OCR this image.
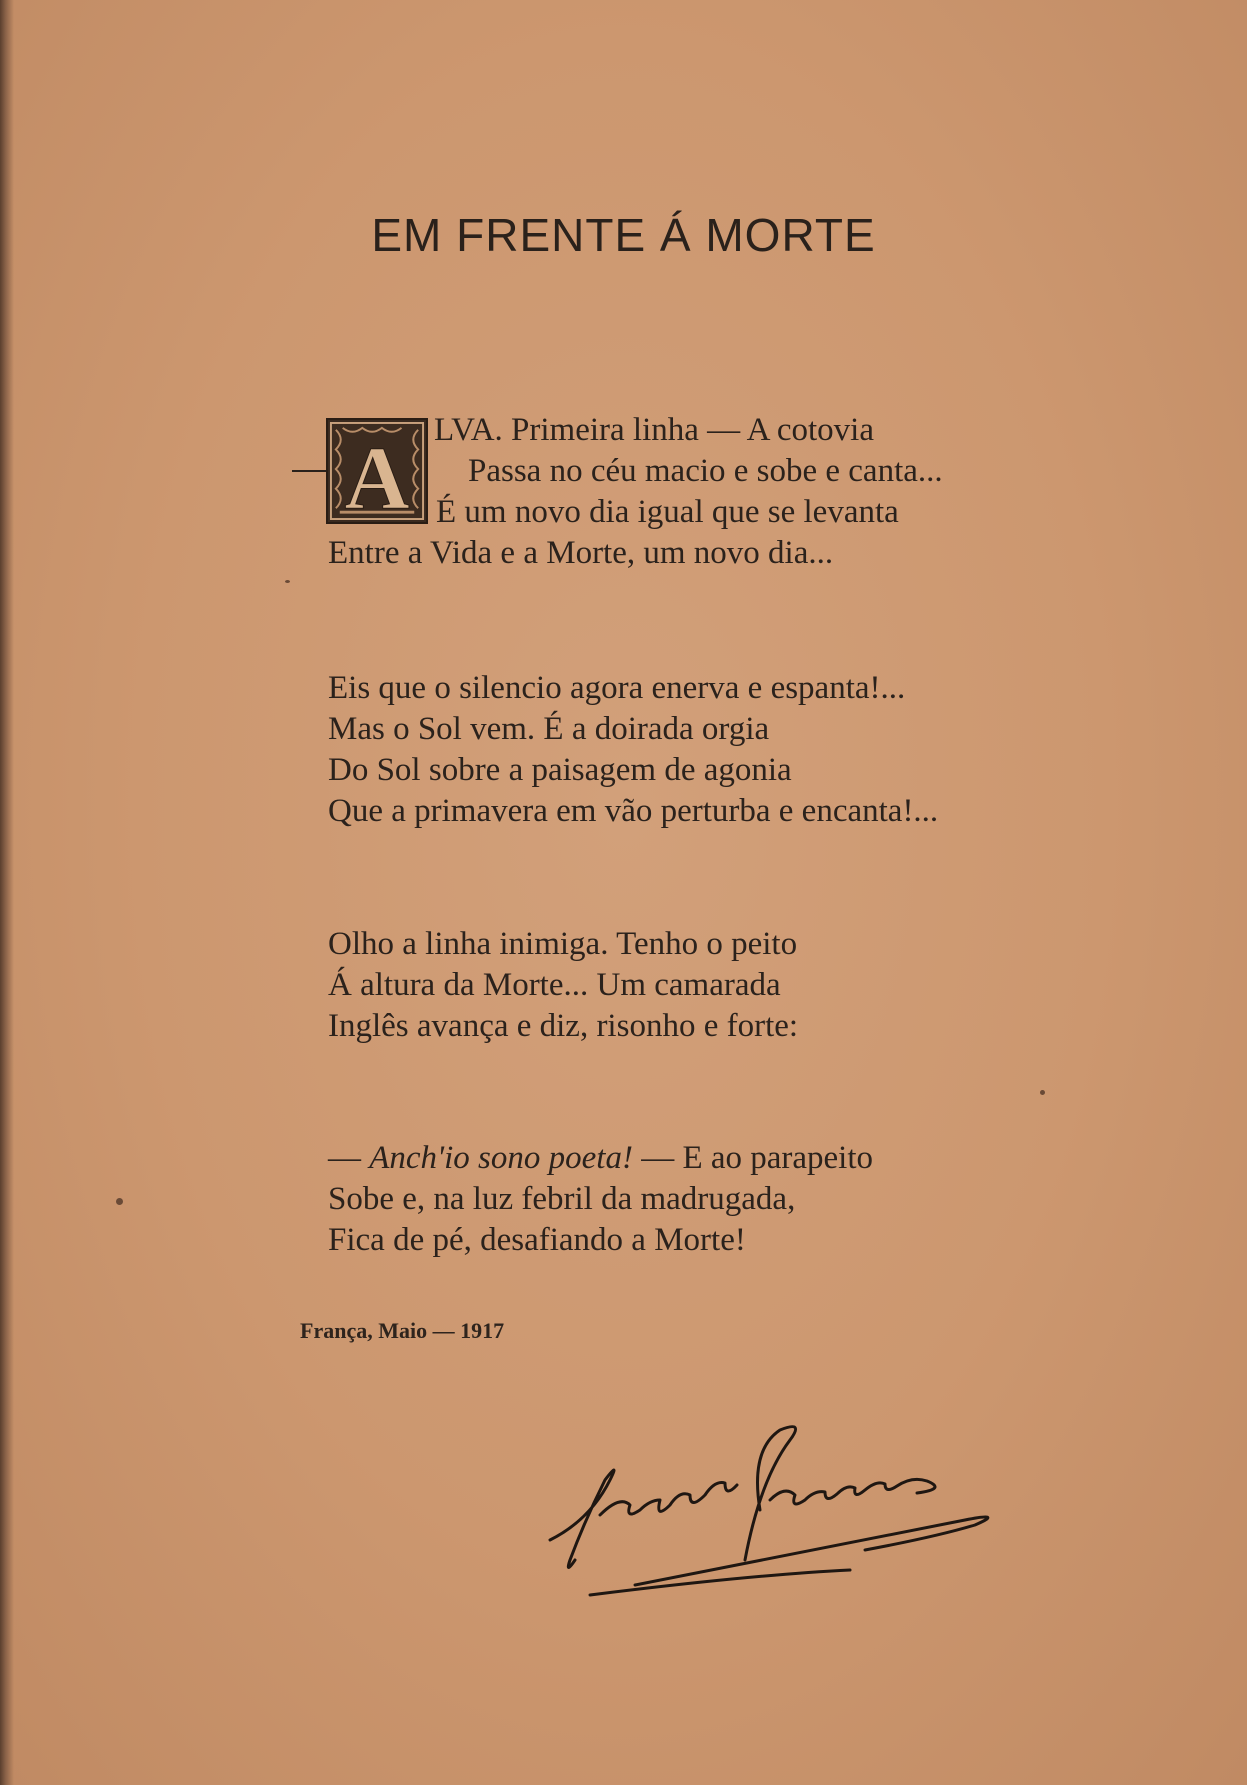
EM FRENTE Á MORTE
A LVA. Primeira linha — A cotovia
Passa no céu macio e sobe e canta...
É um novo dia igual que se levanta
Entre a Vida e a Morte, um novo dia...
Eis que o silencio agora enerva e espanta!...
Mas o Sol vem. É a doirada orgia
Do Sol sobre a paisagem de agonia
Que a primavera em vão perturba e encanta!...
Olho a linha inimiga. Tenho o peito
Á altura da Morte... Um camarada
Inglês avança e diz, risonho e forte:
— Anch'io sono poeta! — E ao parapeito
Sobe e, na luz febril da madrugada,
Fica de pé, desafiando a Morte!
França, Maio — 1917
